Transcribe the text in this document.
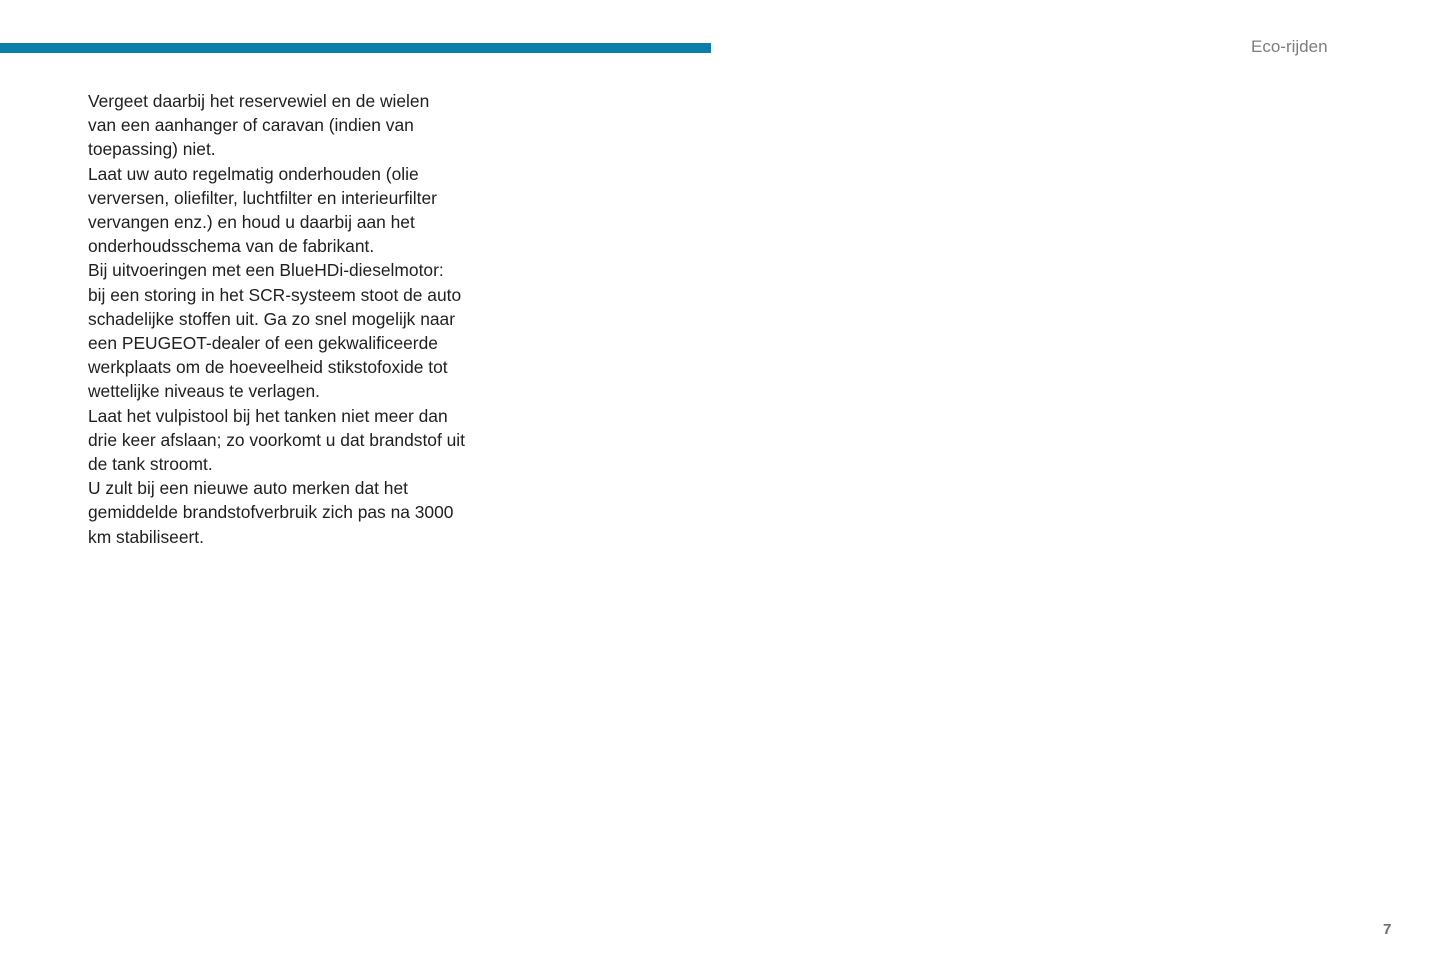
Eco-rijden

Vergeet daarbij het reservewiel en de wielen
van een aanhanger of caravan (indien van
toepassing) niet.

Laat uw auto regelmatig onderhouden (olie
verversen, oliefilter, luchtfilter en interieurfilter
vervangen enz.) en houd u daarbij aan het
onderhoudsschema van de fabrikant.

Bij uitvoeringen met een BlueHDi-dieselmotor:
bij een storing in het SCR-systeem stoot de auto
schadelijke stoffen uit. Ga zo snel mogelijk naar
een PEUGEOT-dealer of een gekwalificeerde
werkplaats om de hoeveelheid stikstofoxide tot
wettelijke niveaus te verlagen.

Laat het vulpistool bij het tanken niet meer dan
drie keer afslaan; zo voorkomt u dat brandstof uit
de tank stroomt.

U zult bij een nieuwe auto merken dat het
gemiddelde brandstofverbruik zich pas na 3000
km stabiliseert.

7
